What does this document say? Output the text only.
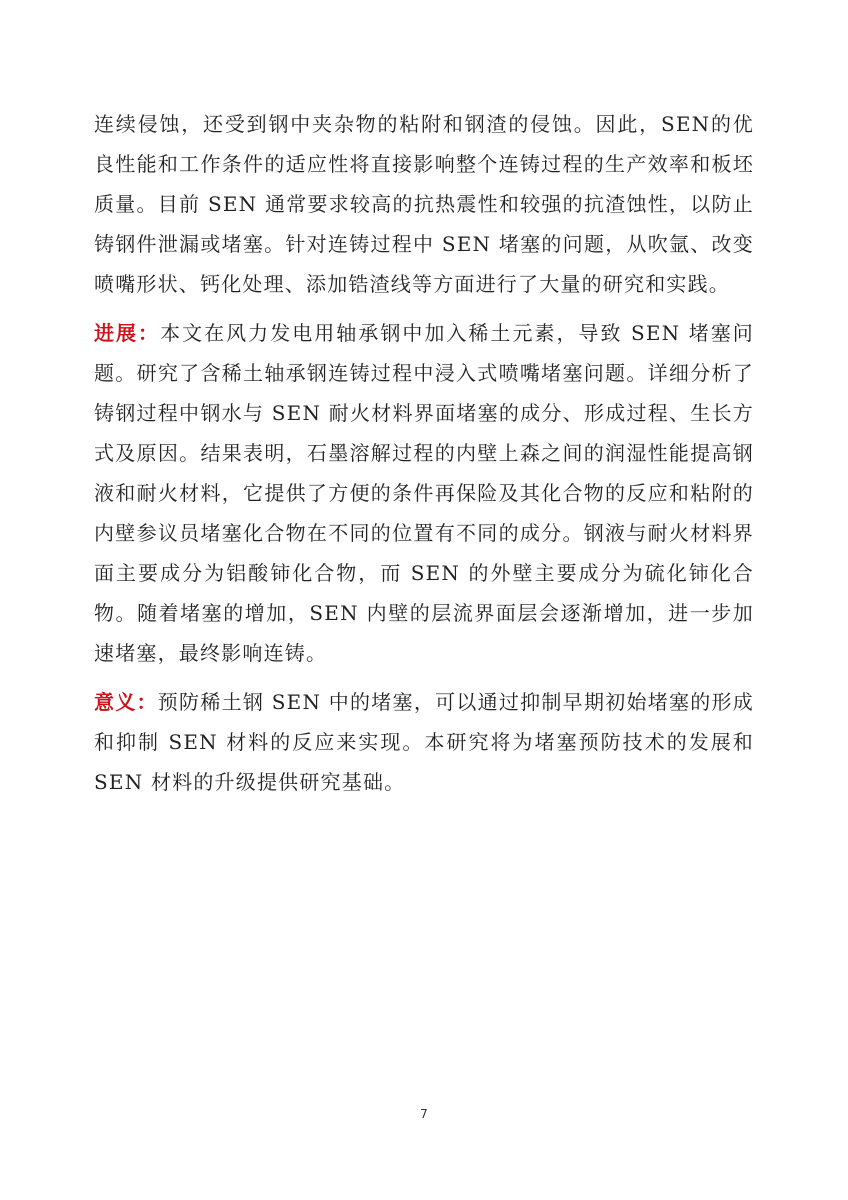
连续侵蚀，还受到钢中夹杂物的粘附和钢渣的侵蚀。因此，SEN的优良性能和工作条件的适应性将直接影响整个连铸过程的生产效率和板坯质量。目前 SEN 通常要求较高的抗热震性和较强的抗渣蚀性，以防止铸钢件泄漏或堵塞。针对连铸过程中 SEN 堵塞的问题，从吹氩、改变喷嘴形状、钙化处理、添加锆渣线等方面进行了大量的研究和实践。

进展：本文在风力发电用轴承钢中加入稀土元素，导致 SEN 堵塞问题。研究了含稀土轴承钢连铸过程中浸入式喷嘴堵塞问题。详细分析了铸钢过程中钢水与 SEN 耐火材料界面堵塞的成分、形成过程、生长方式及原因。结果表明，石墨溶解过程的内壁上森之间的润湿性能提高钢液和耐火材料，它提供了方便的条件再保险及其化合物的反应和粘附的内壁参议员堵塞化合物在不同的位置有不同的成分。钢液与耐火材料界面主要成分为铝酸铈化合物，而 SEN 的外壁主要成分为硫化铈化合物。随着堵塞的增加，SEN 内壁的层流界面层会逐渐增加，进一步加速堵塞，最终影响连铸。

意义：预防稀土钢 SEN 中的堵塞，可以通过抑制早期初始堵塞的形成和抑制 SEN 材料的反应来实现。本研究将为堵塞预防技术的发展和 SEN 材料的升级提供研究基础。

7
